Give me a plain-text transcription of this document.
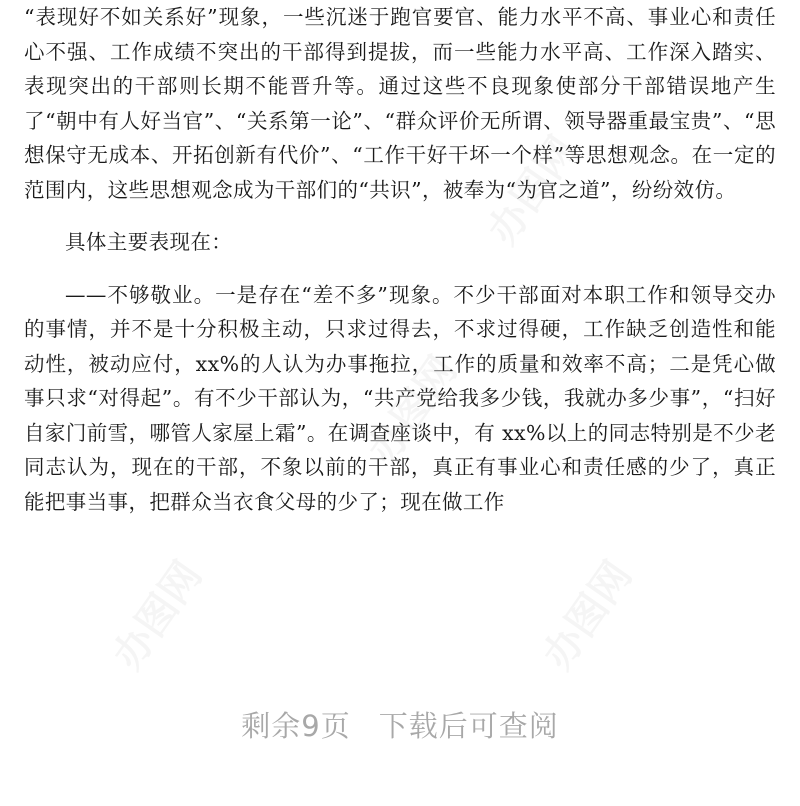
“表现好不如关系好”现象，一些沉迷于跑官要官、能力水平不高、事业心和责任心不强、工作成绩不突出的干部得到提拔，而一些能力水平高、工作深入踏实、表现突出的干部则长期不能晋升等。通过这些不良现象使部分干部错误地产生了“朝中有人好当官”、“关系第一论”、“群众评价无所谓、领导器重最宝贵”、“思想保守无成本、开拓创新有代价”、“工作干好干坏一个样”等思想观念。在一定的范围内，这些思想观念成为干部们的“共识”，被奉为“为官之道”，纷纷效仿。

具体主要表现在：

——不够敬业。一是存在“差不多”现象。不少干部面对本职工作和领导交办的事情，并不是十分积极主动，只求过得去，不求过得硬，工作缺乏创造性和能动性，被动应付，xx%的人认为办事拖拉，工作的质量和效率不高；二是凭心做事只求“对得起”。有不少干部认为，“共产党给我多少钱，我就办多少事”，“扫好自家门前雪，哪管人家屋上霜”。在调查座谈中，有 xx%以上的同志特别是不少老同志认为，现在的干部，不象以前的干部，真正有事业心和责任感的少了，真正能把事当事，把群众当衣食父母的少了；现在做工作

办图网
办图网
办图网	办图网
剩余9页 下载后可查阅
